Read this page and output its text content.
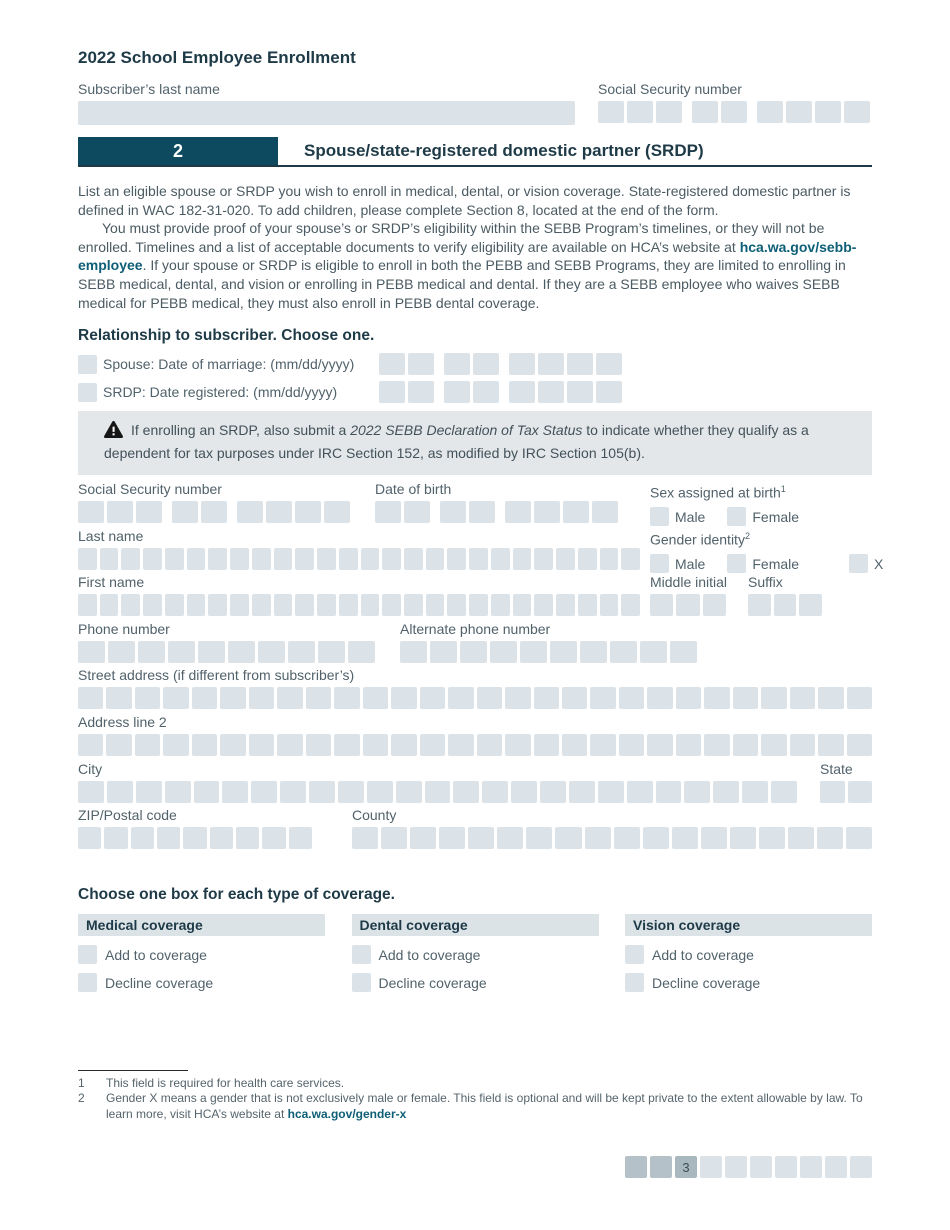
2022 School Employee Enrollment
Subscriber’s last name	Social Security number
2	Spouse/state-registered domestic partner (SRDP)

List an eligible spouse or SRDP you wish to enroll in medical, dental, or vision coverage. State-registered domestic partner is defined in WAC 182-31-020. To add children, please complete Section 8, located at the end of the form.

You must provide proof of your spouse’s or SRDP’s eligibility within the SEBB Program’s timelines, or they will not be enrolled. Timelines and a list of acceptable documents to verify eligibility are available on HCA’s website at hca.wa.gov/sebb-employee. If your spouse or SRDP is eligible to enroll in both the PEBB and SEBB Programs, they are limited to enrolling in SEBB medical, dental, and vision or enrolling in PEBB medical and dental. If they are a SEBB employee who waives SEBB medical for PEBB medical, they must also enroll in PEBB dental coverage.

Relationship to subscriber. Choose one.
Spouse: Date of marriage: (mm/dd/yyyy)
SRDP: Date registered: (mm/dd/yyyy)
If enrolling an SRDP, also submit a 2022 SEBB Declaration of Tax Status to indicate whether they qualify as a dependent for tax purposes under IRC Section 152, as modified by IRC Section 105(b).
Social Security number	Date of birth	Sex assigned at birth$^1$
Male	Female
Last name	Gender identity$^2$
Male	Female	X
First name	Middle initial	Suffix
Phone number	Alternate phone number
Street address (if different from subscriber’s)
Address line 2
City	State
ZIP/Postal code	County
Choose one box for each type of coverage.
Medical coverage
Add to coverage
Decline coverage
Dental coverage
Add to coverage
Decline coverage
Vision coverage
Add to coverage
Decline coverage
1	This field is required for health care services.
2	Gender X means a gender that is not exclusively male or female. This field is optional and will be kept private to the extent allowable by law. To learn more, visit HCA’s website at hca.wa.gov/gender-x
3
